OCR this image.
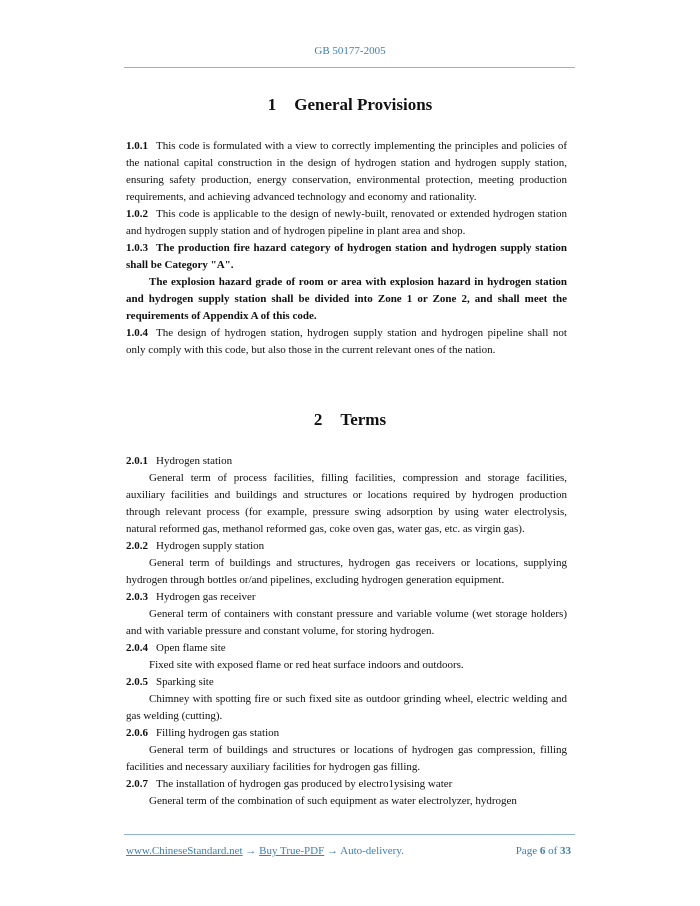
GB 50177-2005
1 General Provisions

1.0.1 This code is formulated with a view to correctly implementing the principles and policies of the national capital construction in the design of hydrogen station and hydrogen supply station, ensuring safety production, energy conservation, environmental protection, meeting production requirements, and achieving advanced technology and economy and rationality.

1.0.2 This code is applicable to the design of newly-built, renovated or extended hydrogen station and hydrogen supply station and of hydrogen pipeline in plant area and shop.

1.0.3 The production fire hazard category of hydrogen station and hydrogen supply station shall be Category "A".

The explosion hazard grade of room or area with explosion hazard in hydrogen station and hydrogen supply station shall be divided into Zone 1 or Zone 2, and shall meet the requirements of Appendix A of this code.

1.0.4 The design of hydrogen station, hydrogen supply station and hydrogen pipeline shall not only comply with this code, but also those in the current relevant ones of the nation.

2 Terms

2.0.1 Hydrogen station

General term of process facilities, filling facilities, compression and storage facilities, auxiliary facilities and buildings and structures or locations required by hydrogen production through relevant process (for example, pressure swing adsorption by using water electrolysis, natural reformed gas, methanol reformed gas, coke oven gas, water gas, etc. as virgin gas).

2.0.2 Hydrogen supply station

General term of buildings and structures, hydrogen gas receivers or locations, supplying hydrogen through bottles or/and pipelines, excluding hydrogen generation equipment.

2.0.3 Hydrogen gas receiver

General term of containers with constant pressure and variable volume (wet storage holders) and with variable pressure and constant volume, for storing hydrogen.

2.0.4 Open flame site

Fixed site with exposed flame or red heat surface indoors and outdoors.

2.0.5 Sparking site

Chimney with spotting fire or such fixed site as outdoor grinding wheel, electric welding and gas welding (cutting).

2.0.6 Filling hydrogen gas station

General term of buildings and structures or locations of hydrogen gas compression, filling facilities and necessary auxiliary facilities for hydrogen gas filling.

2.0.7 The installation of hydrogen gas produced by electro1ysising water

General term of the combination of such equipment as water electrolyzer, hydrogen

www.ChineseStandard.net → Buy True-PDF → Auto-delivery.	Page 6 of 33
